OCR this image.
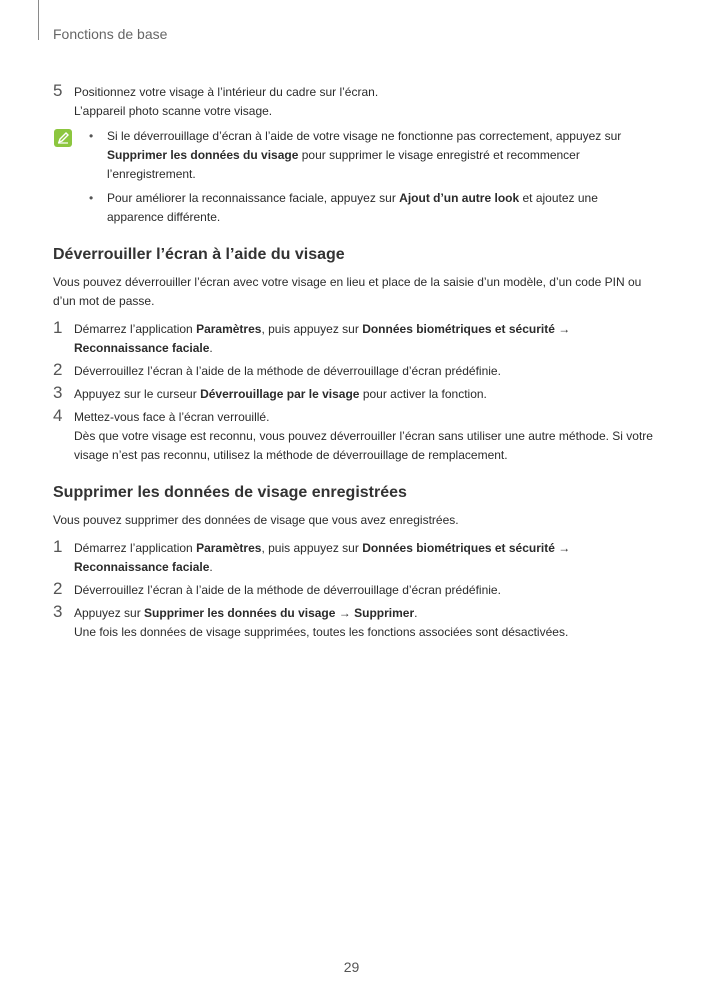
Fonctions de base
5 Positionnez votre visage à l’intérieur du cadre sur l’écran.

L’appareil photo scanne votre visage.

• Si le déverrouillage d’écran à l’aide de votre visage ne fonctionne pas correctement, appuyez sur Supprimer les données du visage pour supprimer le visage enregistré et recommencer l’enregistrement.
• Pour améliorer la reconnaissance faciale, appuyez sur Ajout d’un autre look et ajoutez une apparence différente.
Déverrouiller l’écran à l’aide du visage

Vous pouvez déverrouiller l’écran avec votre visage en lieu et place de la saisie d’un modèle, d’un code PIN ou d’un mot de passe.

1 Démarrez l’application Paramètres, puis appuyez sur Données biométriques et sécurité → Reconnaissance faciale.

2 Déverrouillez l’écran à l’aide de la méthode de déverrouillage d’écran prédéfinie.

3 Appuyez sur le curseur Déverrouillage par le visage pour activer la fonction.

4 Mettez-vous face à l’écran verrouillé.

Dès que votre visage est reconnu, vous pouvez déverrouiller l’écran sans utiliser une autre méthode. Si votre visage n’est pas reconnu, utilisez la méthode de déverrouillage de remplacement.

Supprimer les données de visage enregistrées

Vous pouvez supprimer des données de visage que vous avez enregistrées.

1 Démarrez l’application Paramètres, puis appuyez sur Données biométriques et sécurité → Reconnaissance faciale.

2 Déverrouillez l’écran à l’aide de la méthode de déverrouillage d’écran prédéfinie.

3 Appuyez sur Supprimer les données du visage → Supprimer.

Une fois les données de visage supprimées, toutes les fonctions associées sont désactivées.

29
